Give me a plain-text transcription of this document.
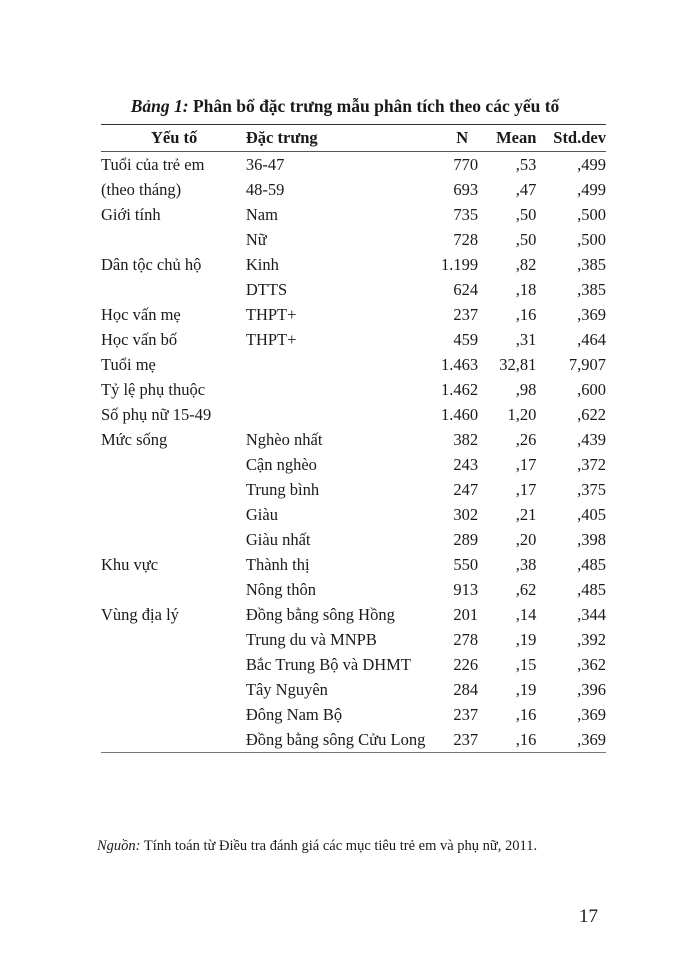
Bảng 1: Phân bố đặc trưng mẫu phân tích theo các yếu tố
Yếu tố	Đặc trưng	N	Mean	Std.dev
Tuổi của trẻ em	36-47	770	,53	,499
(theo tháng)	48-59	693	,47	,499
Giới tính	Nam	735	,50	,500
	Nữ	728	,50	,500
Dân tộc chủ hộ	Kinh	1.199	,82	,385
	DTTS	624	,18	,385
Học vấn mẹ	THPT+	237	,16	,369
Học vấn bố	THPT+	459	,31	,464
Tuổi mẹ		1.463	32,81	7,907
Tỷ lệ phụ thuộc		1.462	,98	,600
Số phụ nữ 15-49		1.460	1,20	,622
Mức sống	Nghèo nhất	382	,26	,439
	Cận nghèo	243	,17	,372
	Trung bình	247	,17	,375
	Giàu	302	,21	,405
	Giàu nhất	289	,20	,398
Khu vực	Thành thị	550	,38	,485
	Nông thôn	913	,62	,485
Vùng địa lý	Đồng bằng sông Hồng	201	,14	,344
	Trung du và MNPB	278	,19	,392
	Bắc Trung Bộ và DHMT	226	,15	,362
	Tây Nguyên	284	,19	,396
	Đông Nam Bộ	237	,16	,369
	Đồng bằng sông Cửu Long	237	,16	,369
Nguồn: Tính toán từ Điều tra đánh giá các mục tiêu trẻ em và phụ nữ, 2011.
17
